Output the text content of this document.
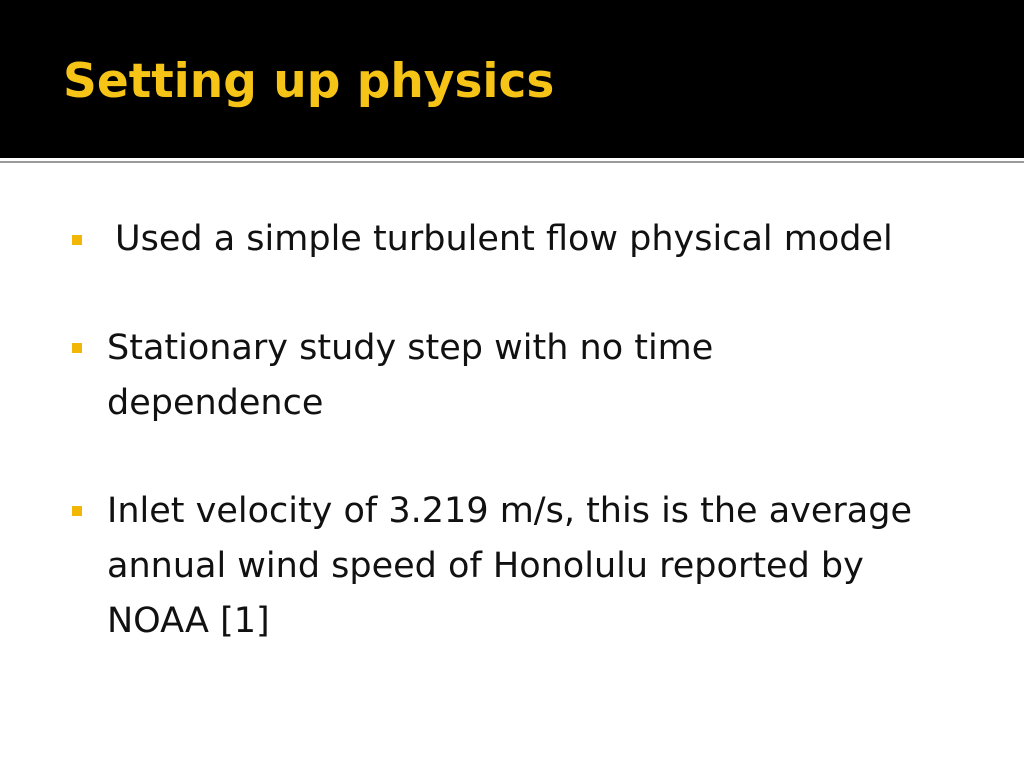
Setting up physics
Used a simple turbulent flow physical model
Stationary study step with no time
dependence
Inlet velocity of 3.219 m/s, this is the average
annual wind speed of Honolulu reported by
NOAA [1]
